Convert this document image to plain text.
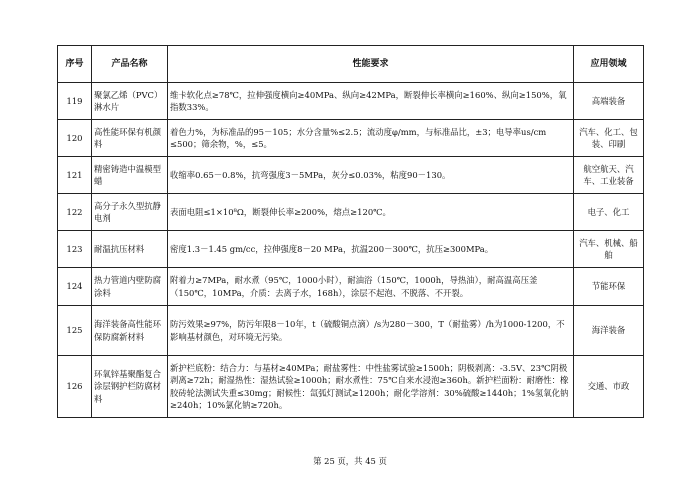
序号	产品名称	性能要求	应用领域
119	聚氯乙烯（PVC）淋水片	维卡软化点≥78℃，拉伸强度横向≥40MPa、纵向≥42MPa，断裂伸长率横向≥160%、纵向≥150%，氧指数33%。	高端装备
120	高性能环保有机颜料	着色力%，为标准品的95－105；水分含量%≤2.5；流动度φ/mm，与标准品比，±3；电导率us/cm ≤500；筛余物，%，≤5。	汽车、化工、包装、印刷
121	精密铸造中温模型蜡	收缩率0.65－0.8%，抗弯强度3－5MPa，灰分≤0.03%，粘度90－130。	航空航天、汽车、工业装备
122	高分子永久型抗静电剂	表面电阻≤1×10⁸Ω，断裂伸长率≥200%，熔点≥120℃。	电子、化工
123	耐温抗压材料	密度1.3－1.45 gm/cc，拉伸强度8－20 MPa，抗温200－300℃，抗压≥300MPa。	汽车、机械、船舶
124	热力管道内壁防腐涂料	附着力≥7MPa，耐水煮（95℃，1000小时），耐油浴（150℃，1000h，导热油），耐高温高压釜（150℃，10MPa，介质：去离子水，168h），涂层不起泡、不脱落、不开裂。	节能环保
125	海洋装备高性能环保防腐新材料	防污效果≥97%，防污年限8－10年，t（硫酸铜点滴）/s为280－300，T（耐盐雾）/h为1000-1200，不影响基材颜色，对环境无污染。	海洋装备
126	环氧锌基聚酯复合涂层钢护栏防腐材料	新护栏底粉：结合力：与基材≥40MPa；耐盐雾性：中性盐雾试验≥1500h；阴极剥离：-3.5V、23℃阴极剥离≥72h；耐湿热性：湿热试验≥1000h；耐水煮性：75℃自来水浸泡≥360h。新护栏面粉：耐磨性：橡胶砖轮法测试失重≤30mg；耐候性：氙弧灯测试≥1200h；耐化学溶剂：30%硫酸≥1440h；1%氢氧化钠≥240h；10%氯化钠≥720h。	交通、市政
第 25 页，共 45 页
